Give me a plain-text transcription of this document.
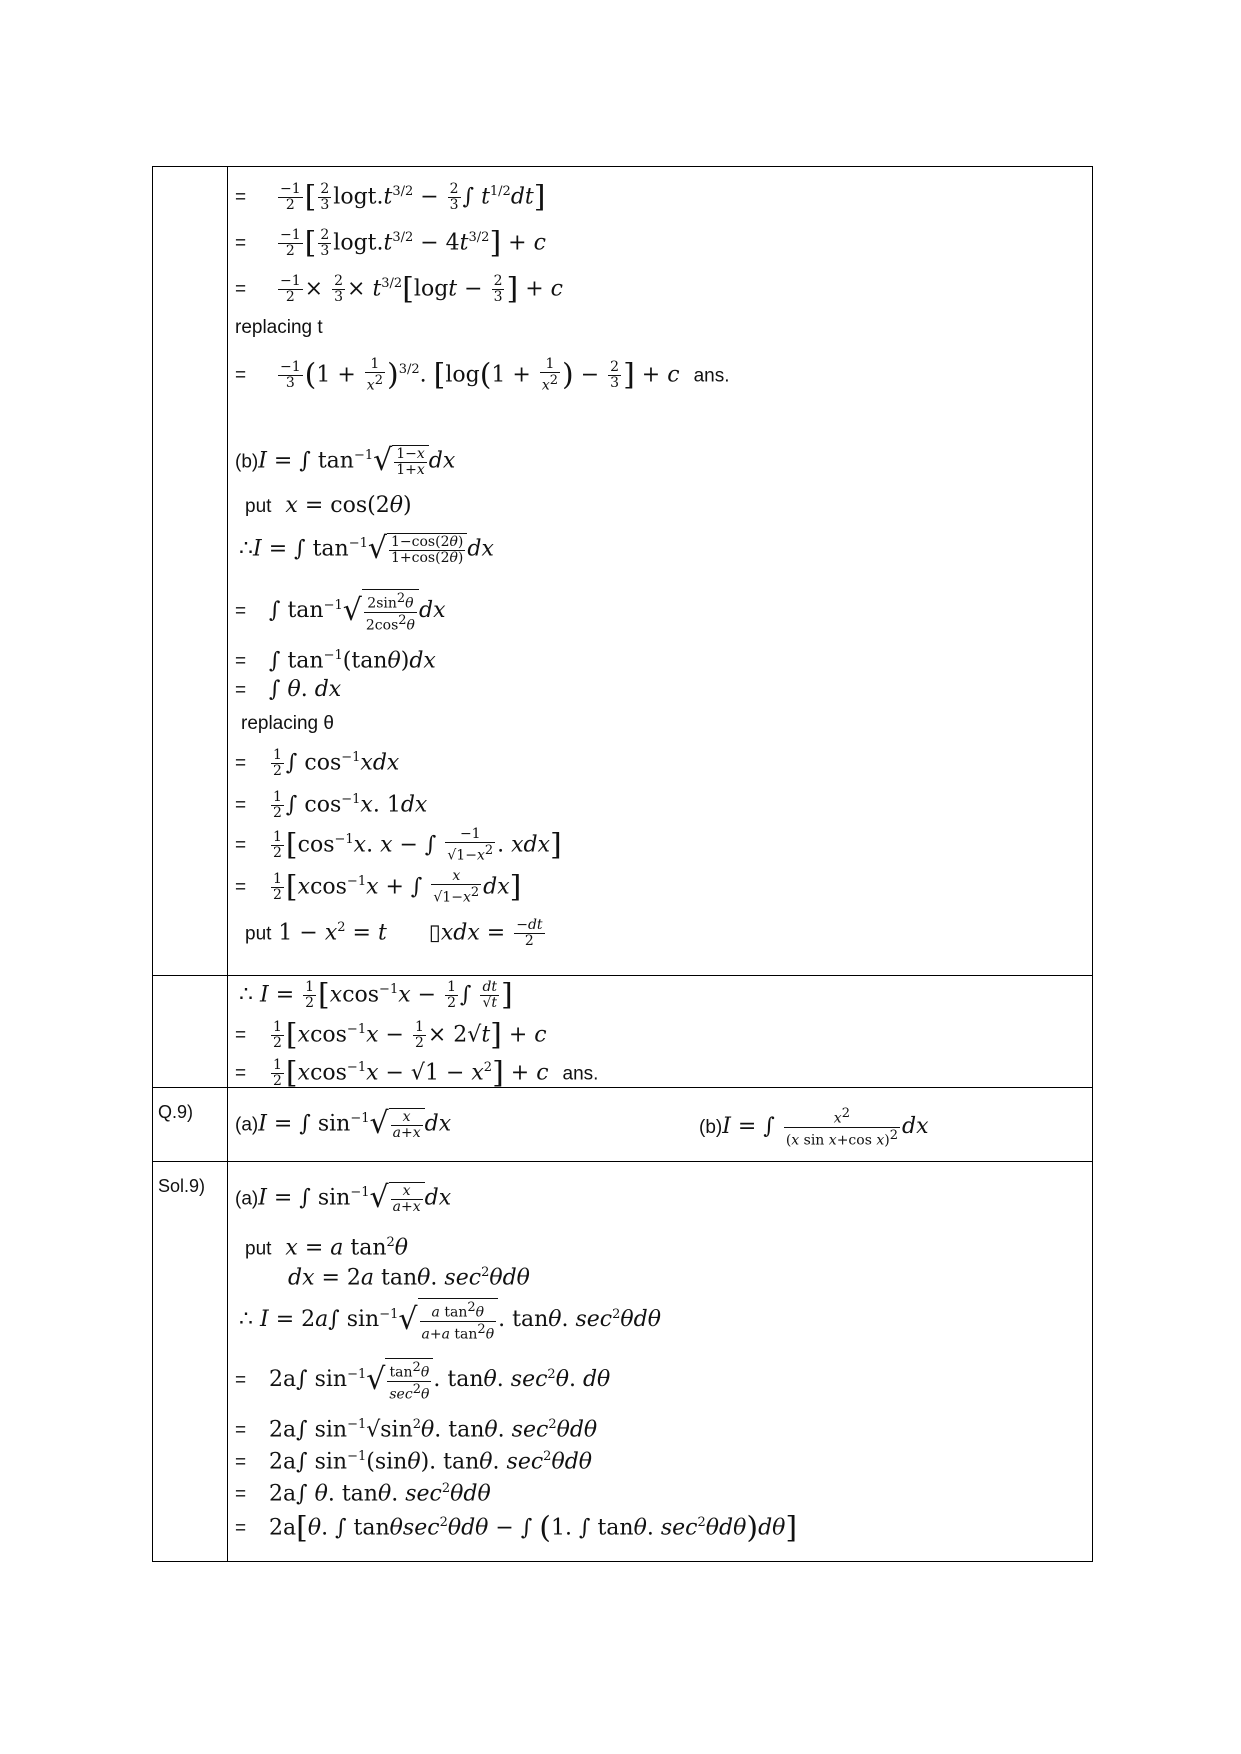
= $\frac{-1}{2}$ [ $\frac{2}{3} \log t.t^{3/2} - \frac{2}{3}$ ∫ $t^{1/2}dt$]
= $\frac{-1}{2}$ [ $\frac{2}{3} \log t.t^{3/2} - 4t^{3/2}] + c$
= $\frac{-1}{2} \times \frac{2}{3} \times t^{3/2}[\log t - \frac{2}{3}$ ] + c
replacing t
= $\frac{-1}{3} (1 + \frac{1}{x^2} )^{3/2}$. [$\log(1 + \frac{1}{x^2}$ ) − $\frac{2}{3}$ ] + c ans.
(b)I = ∫ $\tan^{-1}$ √ $\frac{1-x}{1+x}$ dx
put x = cos(2θ)
∴I = ∫ $\tan^{-1}$ √ $\frac{1-\cos(2\theta)}{1+\cos(2\theta)}$ dx
= ∫ $\tan^{-1}$ √ $\frac{2\sin^2\theta}{2\cos^2\theta}$ dx
= ∫ $\tan^{-1}(\tan\theta)dx$
= ∫ θ. dx
replacing θ
= $\frac{1}{2}$ ∫ $\cos^{-1}xdx$
= $\frac{1}{2}$ ∫ $\cos^{-1}x$. 1dx
= $\frac{1}{2} [\cos^{-1}x$. x − ∫ $\frac{-1}{√1-x^2}$ . xdx]
= $\frac{1}{2} [xcos^{-1}x$ + ∫ $\frac{x}{√1-x^2} dx$]
put $1 - x^2 = t$ ▯xdx = $\frac{-dt}{2}$
Q.9)
(a)I = ∫ $\sin^{-1}$ √ $\frac{x}{a+x}$ dx	(b)I = ∫ $\frac{x^2}{(x \sin x+\cos x)^2}$ dx
Sol.9)
(a)I = ∫ $\sin^{-1}$ √ $\frac{x}{a+x}$ dx
put x = a $\tan^2\theta$
dx = 2a tanθ. $\sec^2\theta d\theta$
∴ I = 2a∫ $\sin^{-1}$ √ $\frac{a \tan^2\theta}{a+a \tan^2\theta}$ . tanθ. $\sec^2\theta d\theta$
= 2a∫ $\sin^{-1}$ √ $\frac{\tan^2\theta}{\sec^2\theta}$ . tanθ. $\sec^2\theta$. dθ
= 2a∫ $\sin^{-1}√\sin^2\theta$. tanθ. $\sec^2\theta d\theta$
= 2a∫ $\sin^{-1}(\sin\theta)$. tanθ. $\sec^2\theta d\theta$
= 2a∫ θ. tanθ. $\sec^2\theta d\theta$
= 2a[θ. ∫ tanθsec$^2$θdθ − ∫ (1. ∫ tanθ. $\sec^2\theta d\theta)d\theta$]
∴ $I = \frac{1}{2} [xcos^{-1}x - \frac{1}{2}$ ∫ $\frac{dt}{√t}$ ]
= $\frac{1}{2} [xcos^{-1}x - \frac{1}{2} \times 2√t] + c$
= $\frac{1}{2} [xcos^{-1}x - √1 - x^2] + c$ ans.
